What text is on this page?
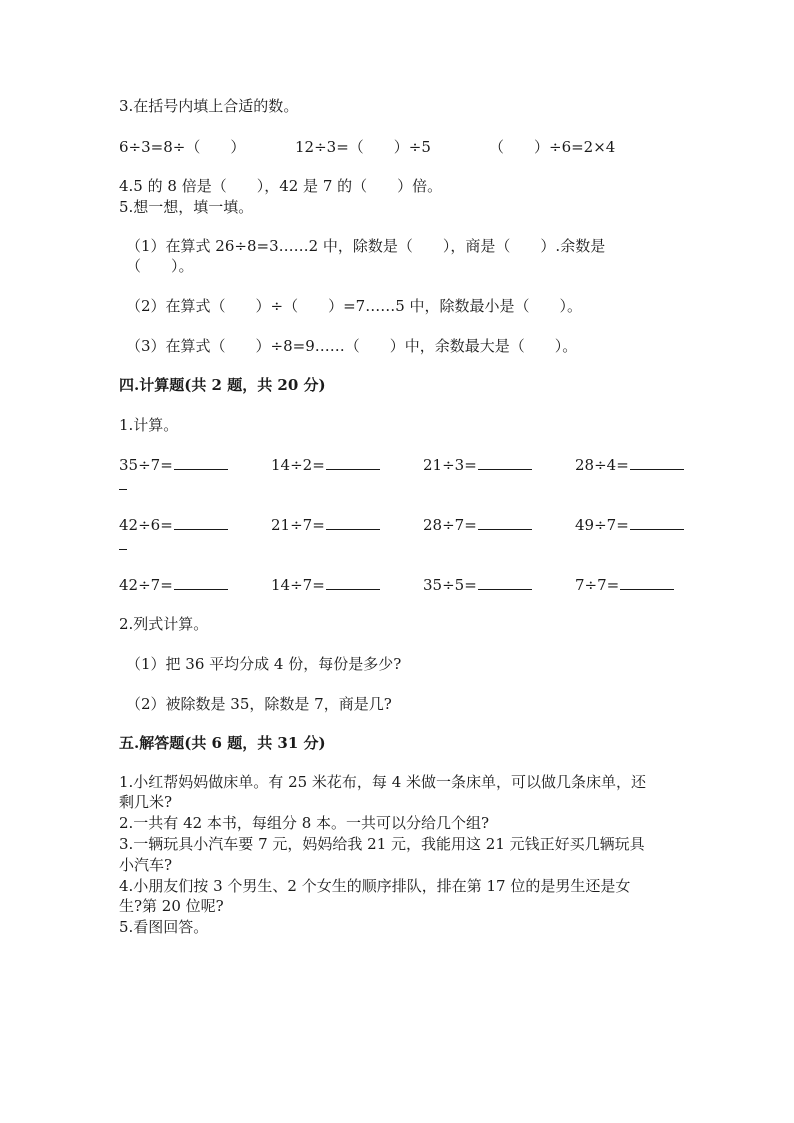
3.在括号内填上合适的数。
6÷3=8÷（　　）	12÷3=（　　）÷5	（　　）÷6=2×4
4.5 的 8 倍是（　　），42 是 7 的（　　）倍。
5.想一想，填一填。
（1）在算式 26÷8=3……2 中，除数是（　　），商是（　　）.余数是
（　　）。
（2）在算式（　　）÷（　　）=7……5 中，除数最小是（　　）。
（3）在算式（　　）÷8=9……（　　）中，余数最大是（　　）。
四.计算题(共 2 题，共 20 分)
1.计算。
35÷7=	14÷2=	21÷3=	28÷4=
42÷6=	21÷7=	28÷7=	49÷7=
42÷7=	14÷7=	35÷5=	7÷7=
2.列式计算。
（1）把 36 平均分成 4 份，每份是多少?
（2）被除数是 35，除数是 7，商是几?
五.解答题(共 6 题，共 31 分)
1.小红帮妈妈做床单。有 25 米花布，每 4 米做一条床单，可以做几条床单，还
剩几米?
2.一共有 42 本书，每组分 8 本。一共可以分给几个组?
3.一辆玩具小汽车要 7 元，妈妈给我 21 元，我能用这 21 元钱正好买几辆玩具
小汽车?
4.小朋友们按 3 个男生、2 个女生的顺序排队，排在第 17 位的是男生还是女
生?第 20 位呢?
5.看图回答。
